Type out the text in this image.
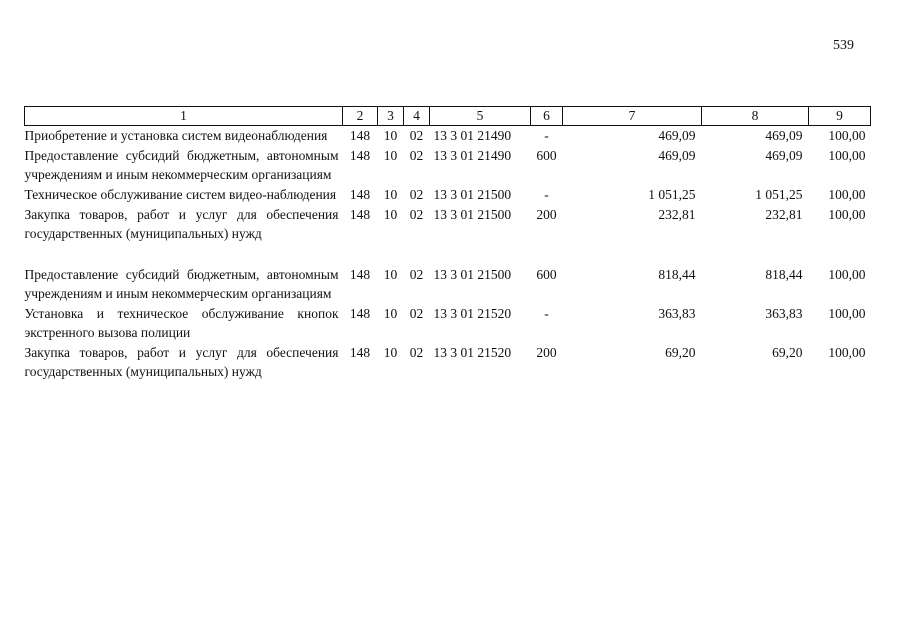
539
1	2	3	4	5	6	7	8	9
Приобретение и установка систем видеонаблюдения	148	10	02	13 3 01 21490	-	469,09	469,09	100,00
Предоставление субсидий бюджетным, автономным учреждениям и иным некоммерческим организациям	148	10	02	13 3 01 21490	600	469,09	469,09	100,00
Техническое обслуживание систем видео-наблюдения	148	10	02	13 3 01 21500	-	1 051,25	1 051,25	100,00
Закупка товаров, работ и услуг для обеспечения государственных (муниципальных) нужд	148	10	02	13 3 01 21500	200	232,81	232,81	100,00

Предоставление субсидий бюджетным, автономным учреждениям и иным некоммерческим организациям	148	10	02	13 3 01 21500	600	818,44	818,44	100,00
Установка и техническое обслуживание кнопок экстренного вызова полиции	148	10	02	13 3 01 21520	-	363,83	363,83	100,00
Закупка товаров, работ и услуг для обеспечения государственных (муниципальных) нужд	148	10	02	13 3 01 21520	200	69,20	69,20	100,00
